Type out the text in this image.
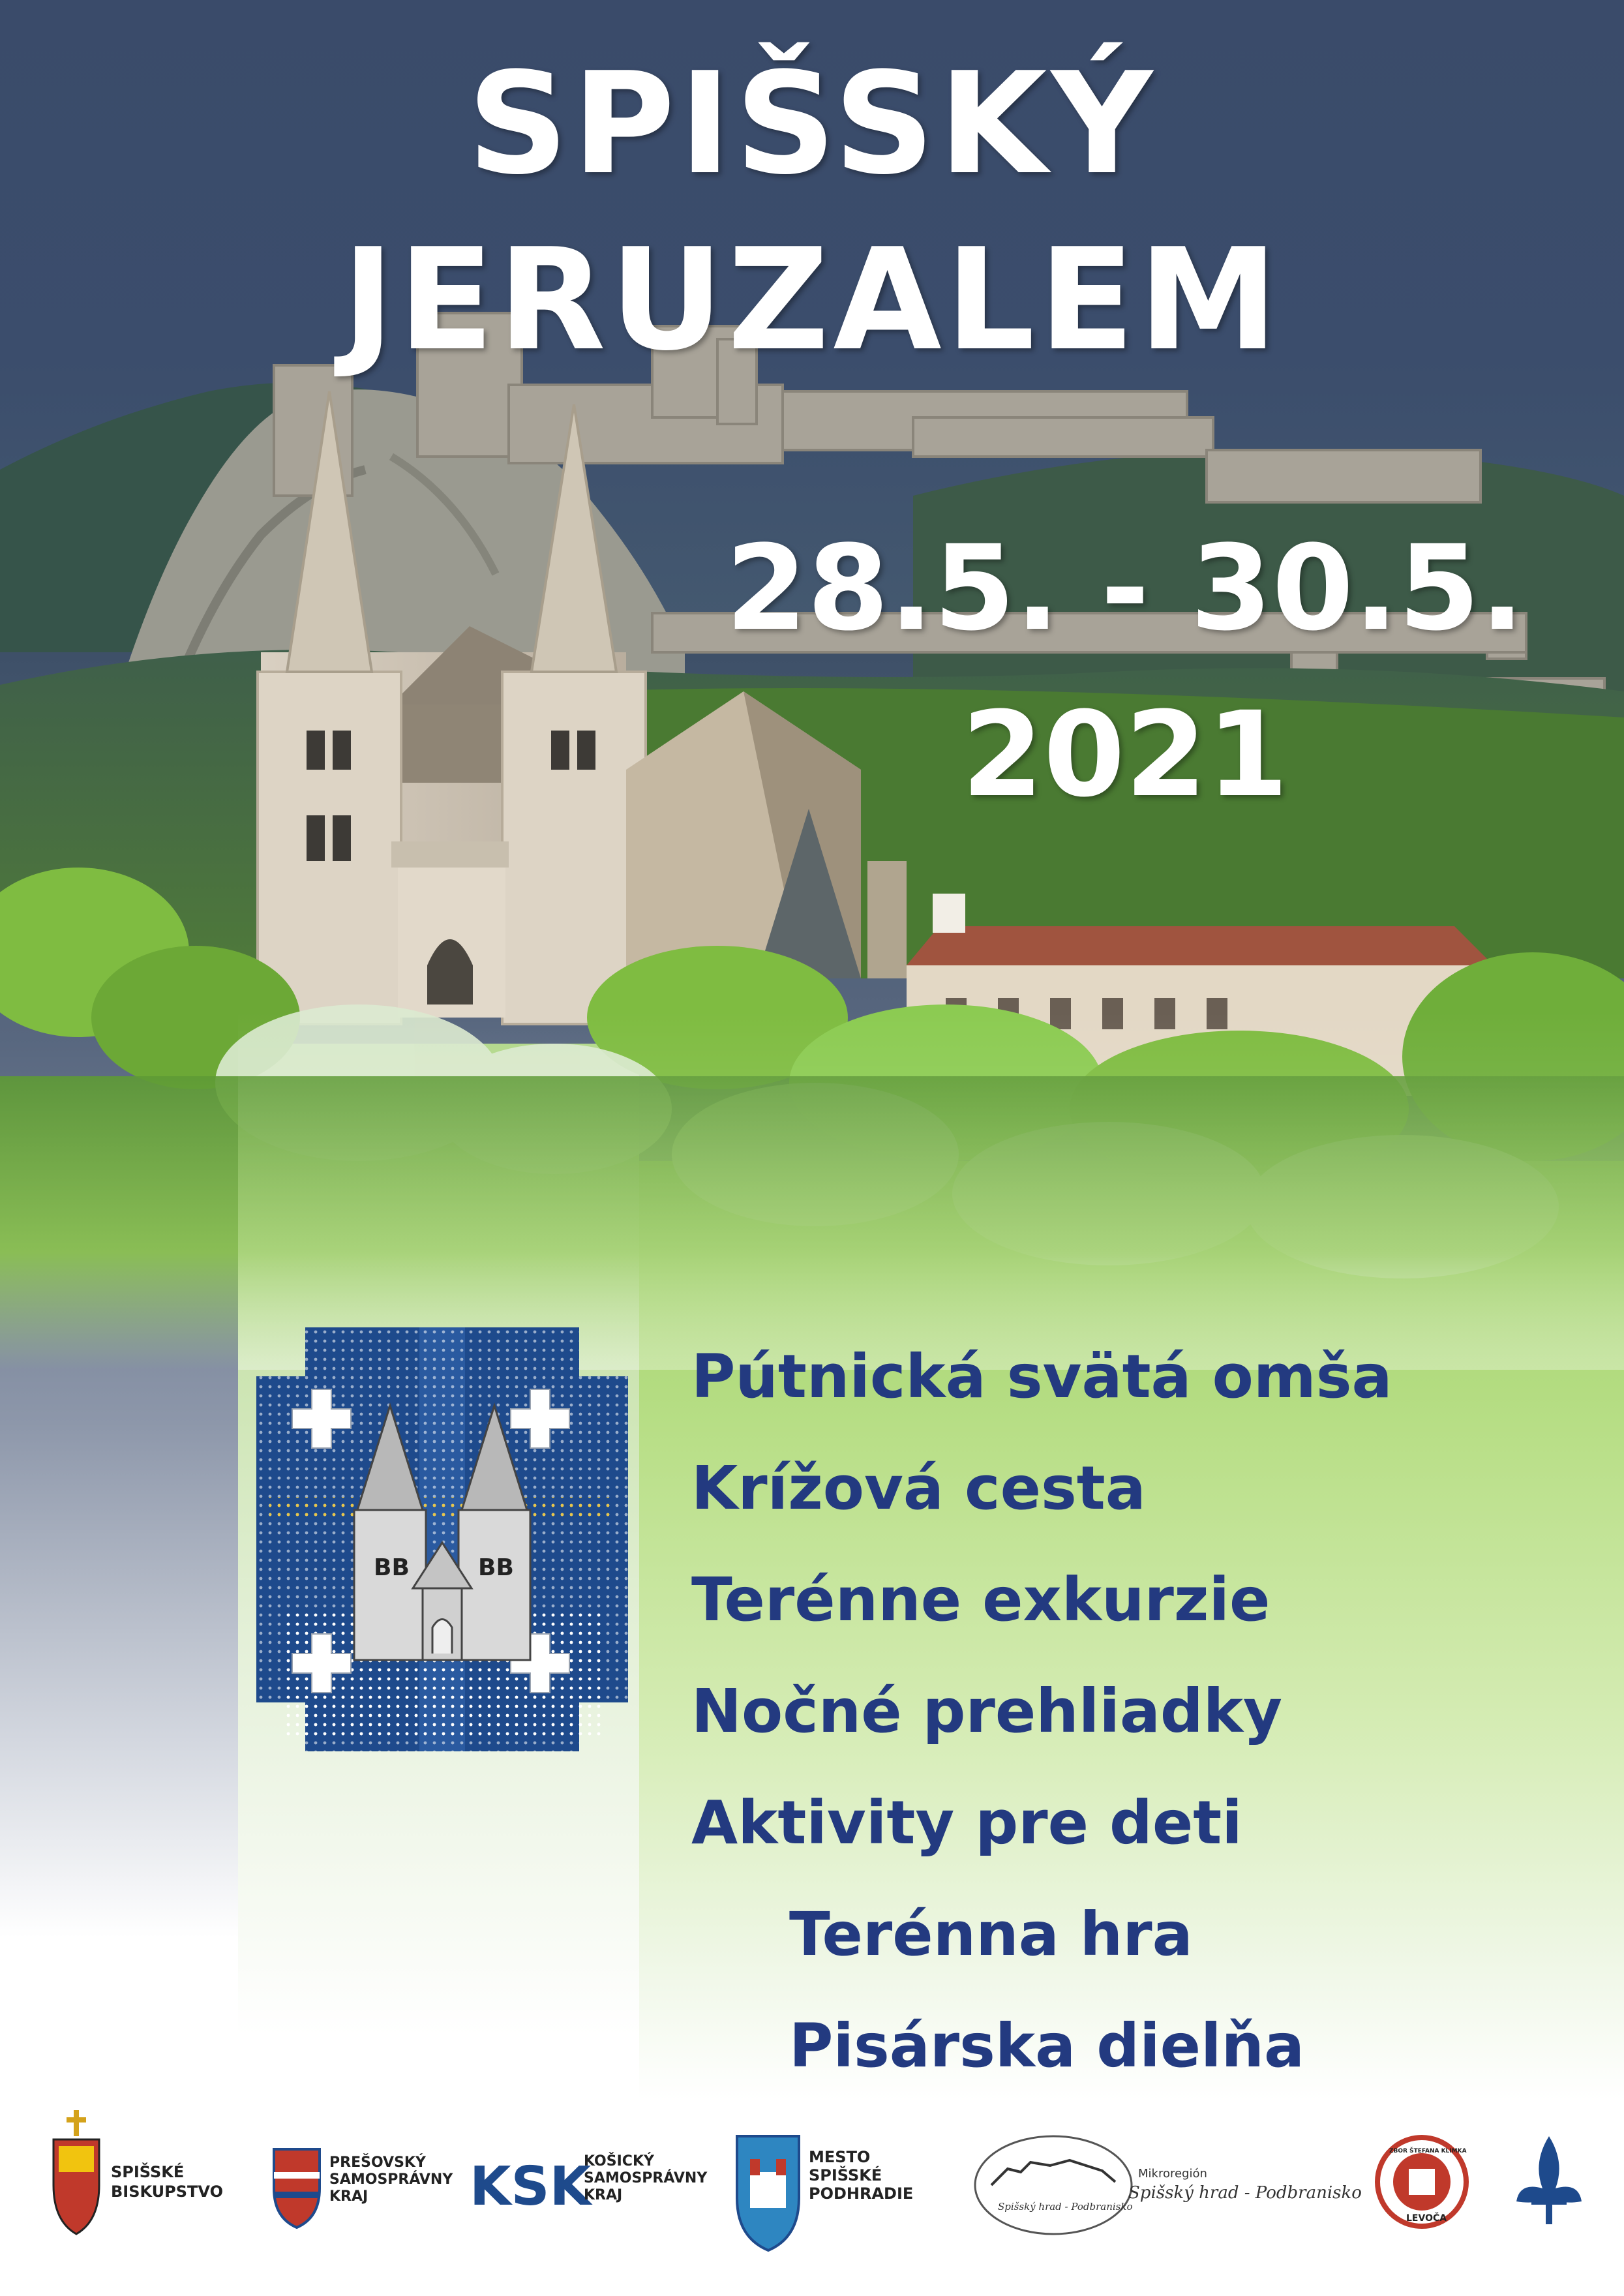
SPIŠSKÝ
JERUZALEM
28.5. - 30.5.
2021
BB	BB
Pútnická svätá omša
Krížová cesta
Terénne exkurzie
Nočné prehliadky
Aktivity pre deti
Terénna hra
Pisárska dielňa
SPIŠSKÉ
BISKUPSTVO
PREŠOVSKÝ
SAMOSPRÁVNY
KRAJ KSK
KOŠICKÝ
SAMOSPRÁVNY
KRAJ
MESTO
SPIŠSKÉ
PODHRADIE
Spišský hrad - Podbranisko
Mikroregión
Spišský hrad - Podbranisko
ZBOR ŠTEFANA KLIMKA
LEVOČA
